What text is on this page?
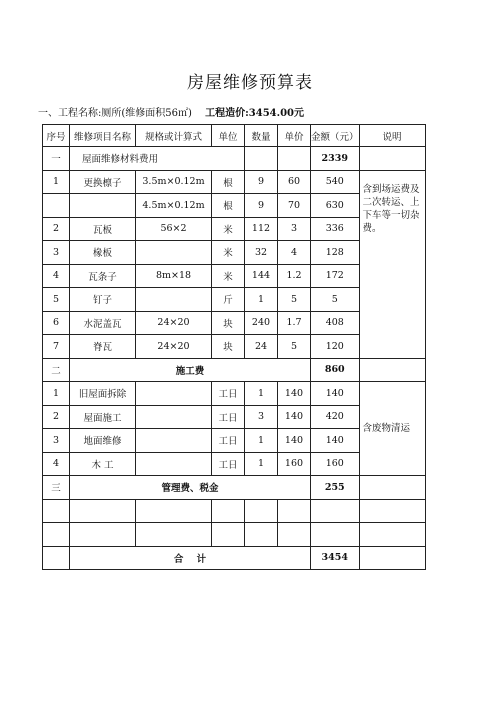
房屋维修预算表
一、工程名称:厕所(维修面积56㎡) 工程造价:3454.00元
序号	维修项目名称	规格或计算式	单位	数量	单价	金额（元）	说明
一	屋面维修材料费用					2339	
1	更换檩子	3.5m×0.12m	根	9	60	540	含到场运费及二次转运、上下车等一切杂费。
		4.5m×0.12m	根	9	70	630	
2	瓦板	56×2	米	112	3	336	
3	椽板		米	32	4	128	
4	瓦条子	8m×18	米	144	1.2	172	
5	钉子		斤	1	5	5	
6	水泥盖瓦	24×20	块	240	1.7	408	
7	脊瓦	24×20	块	24	5	120	
二	施工费					860	
1	旧屋面拆除		工日	1	140	140	含废物清运
2	屋面施工		工日	3	140	420	
3	地面维修		工日	1	140	140	
4	木 工		工日	1	160	160	
三	管理费、税金					255	

	合    计					3454	
